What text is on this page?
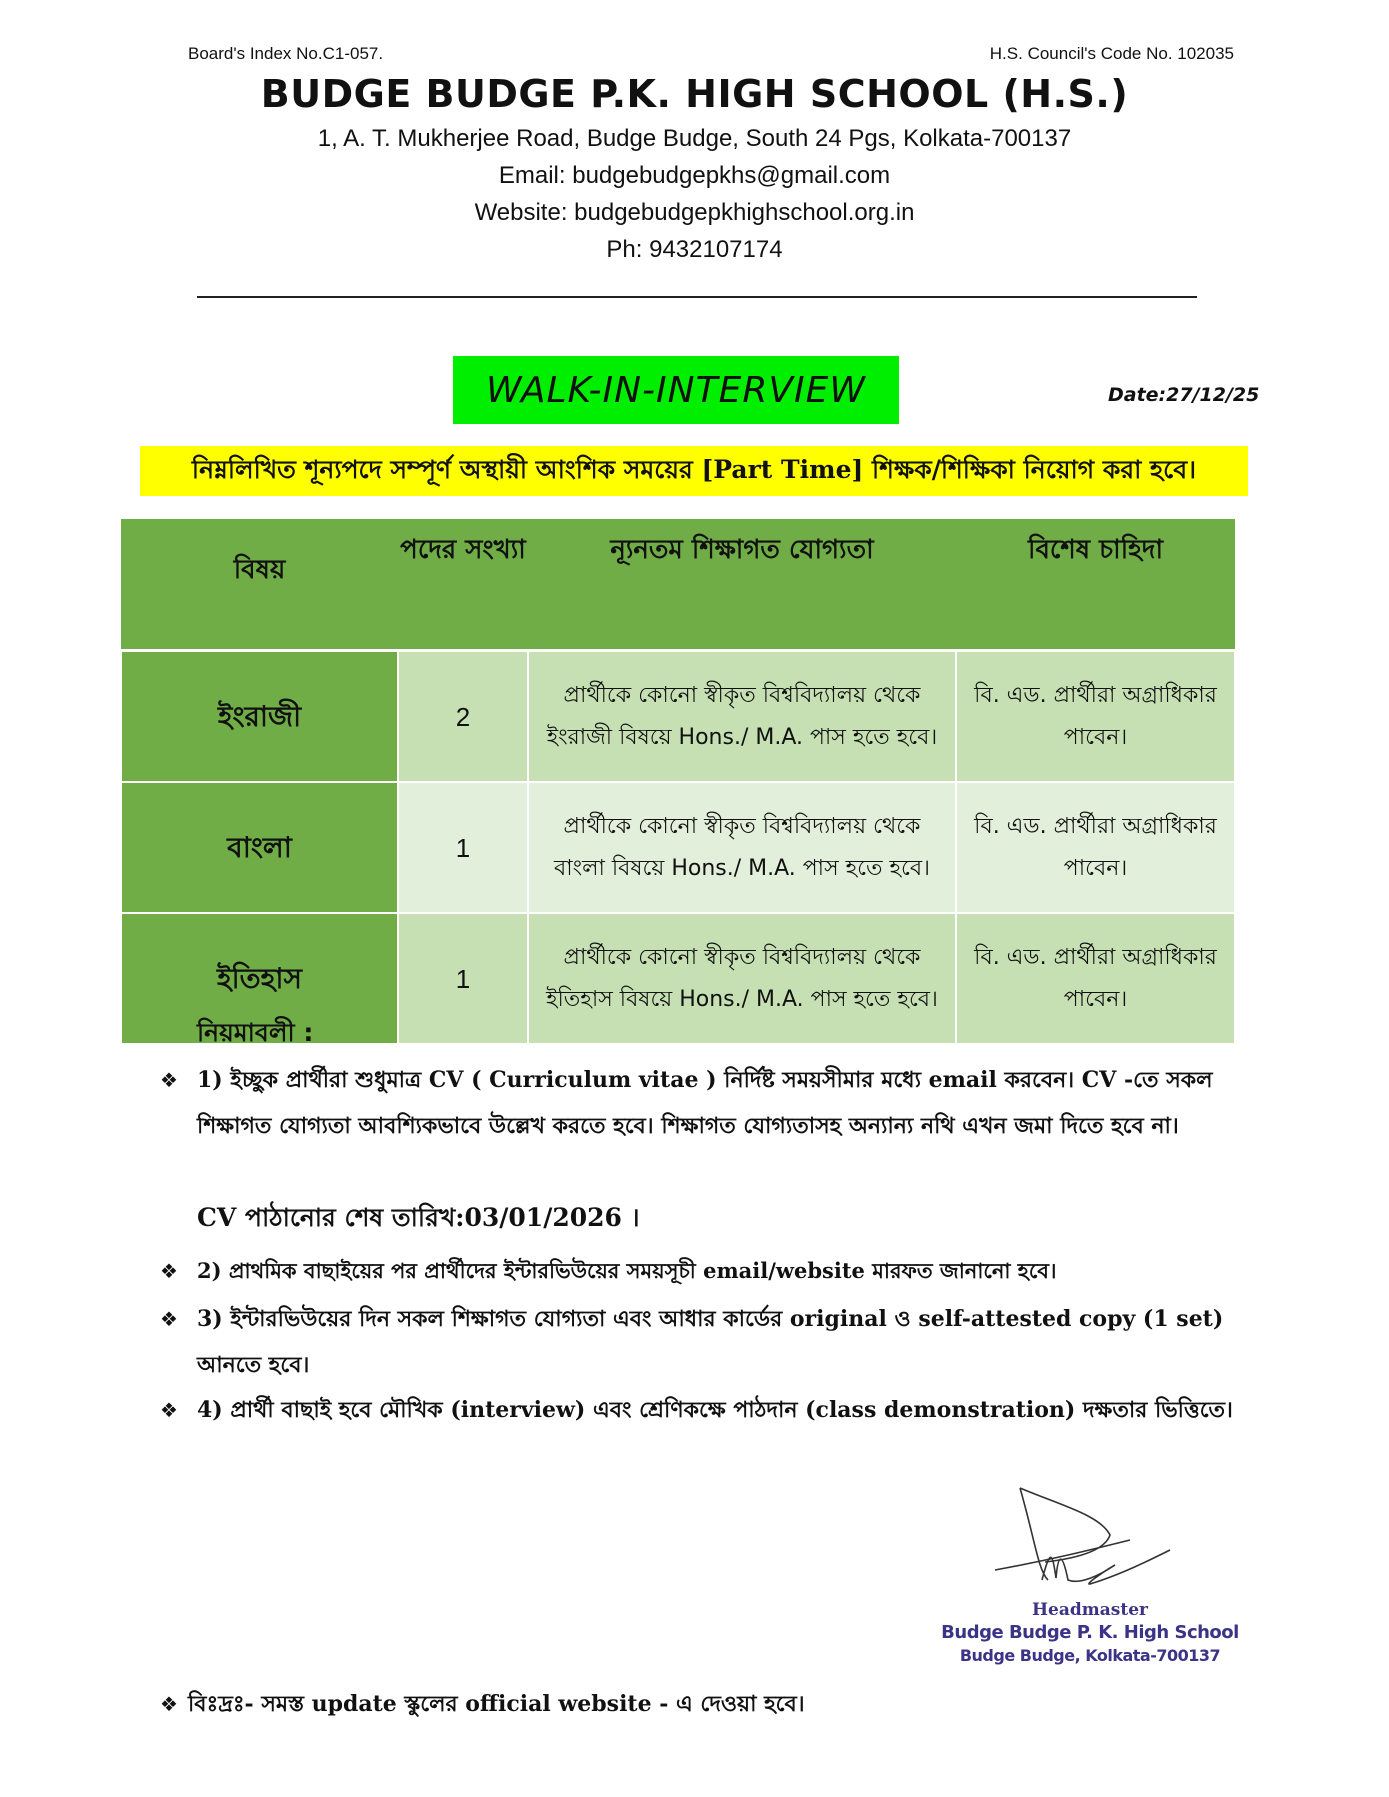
Board's Index No.C1-057.	H.S. Council's Code No. 102035
BUDGE BUDGE P.K. HIGH SCHOOL (H.S.)
1, A. T. Mukherjee Road, Budge Budge, South 24 Pgs, Kolkata-700137
Email: budgebudgepkhs@gmail.com
Website: budgebudgepkhighschool.org.in
Ph: 9432107174
WALK-IN-INTERVIEW	Date:27/12/25
নিম্নলিখিত শূন্যপদে সম্পূর্ণ অস্থায়ী আংশিক সময়ের [Part Time] শিক্ষক/শিক্ষিকা নিয়োগ করা হবে।
বিষয়	পদের সংখ্যা	ন্যূনতম শিক্ষাগত যোগ্যতা	বিশেষ চাহিদা
ইংরাজী	2	প্রার্থীকে কোনো স্বীকৃত বিশ্ববিদ্যালয় থেকে ইংরাজী বিষয়ে Hons./ M.A. পাস হতে হবে।	বি. এড. প্রার্থীরা অগ্রাধিকার পাবেন।
বাংলা	1	প্রার্থীকে কোনো স্বীকৃত বিশ্ববিদ্যালয় থেকে বাংলা বিষয়ে Hons./ M.A. পাস হতে হবে।	বি. এড. প্রার্থীরা অগ্রাধিকার পাবেন।
ইতিহাস	1	প্রার্থীকে কোনো স্বীকৃত বিশ্ববিদ্যালয় থেকে ইতিহাস বিষয়ে Hons./ M.A. পাস হতে হবে।	বি. এড. প্রার্থীরা অগ্রাধিকার পাবেন।
নিয়মাবলী :
❖ 1) ইচ্ছুক প্রার্থীরা শুধুমাত্র CV ( Curriculum vitae ) নির্দিষ্ট সময়সীমার মধ্যে email করবেন। CV -তে সকল শিক্ষাগত যোগ্যতা আবশ্যিকভাবে উল্লেখ করতে হবে। শিক্ষাগত যোগ্যতাসহ অন্যান্য নথি এখন জমা দিতে হবে না।
CV পাঠানোর শেষ তারিখ:03/01/2026 ।
❖ 2) প্রাথমিক বাছাইয়ের পর প্রার্থীদের ইন্টারভিউয়ের সময়সূচী email/website মারফত জানানো হবে।
❖ 3) ইন্টারভিউয়ের দিন সকল শিক্ষাগত যোগ্যতা এবং আধার কার্ডের original ও self-attested copy (1 set) আনতে হবে।
❖ 4) প্রার্থী বাছাই হবে মৌখিক (interview) এবং শ্রেণিকক্ষে পাঠদান (class demonstration) দক্ষতার ভিত্তিতে।
Headmaster
Budge Budge P. K. High School
Budge Budge, Kolkata-700137
❖ বিঃদ্রঃ- সমস্ত update স্কুলের official website - এ দেওয়া হবে।
